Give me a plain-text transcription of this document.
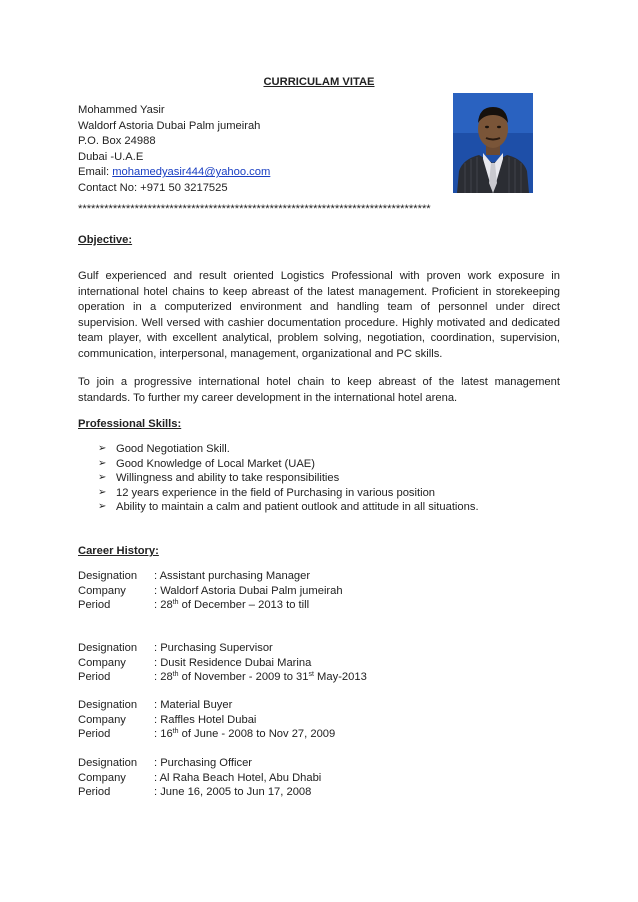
CURRICULAM VITAE
Mohammed Yasir
Waldorf Astoria Dubai Palm jumeirah
P.O. Box 24988
Dubai -U.A.E
Email: mohamedyasir444@yahoo.com
Contact No: +971 50 3217525
*********************************************************************************
Objective:
Gulf experienced and result oriented Logistics Professional with proven work exposure in international hotel chains to keep abreast of the latest management. Proficient in storekeeping operation in a computerized environment and handling team of personnel under direct supervision. Well versed with cashier documentation procedure. Highly motivated and dedicated team player, with excellent analytical, problem solving, negotiation, coordination, supervision, communication, interpersonal, management, organizational and PC skills.
To join a progressive international hotel chain to keep abreast of the latest management standards. To further my career development in the international hotel arena.
Professional Skills:
➢ Good Negotiation Skill.
➢ Good Knowledge of Local Market (UAE)
➢ Willingness and ability to take responsibilities
➢ 12 years experience in the field of Purchasing in various position
➢ Ability to maintain a calm and patient outlook and attitude in all situations.
Career History:
Designation	: Assistant purchasing Manager
Company	: Waldorf Astoria Dubai Palm jumeirah
Period	: 28th of December – 2013 to till
Designation	: Purchasing Supervisor
Company	: Dusit Residence Dubai Marina
Period	: 28th of November - 2009 to 31st May-2013
Designation	: Material Buyer
Company	: Raffles Hotel Dubai
Period	: 16th of June - 2008 to Nov 27, 2009
Designation	: Purchasing Officer
Company	: Al Raha Beach Hotel, Abu Dhabi
Period	: June 16, 2005 to Jun 17, 2008
